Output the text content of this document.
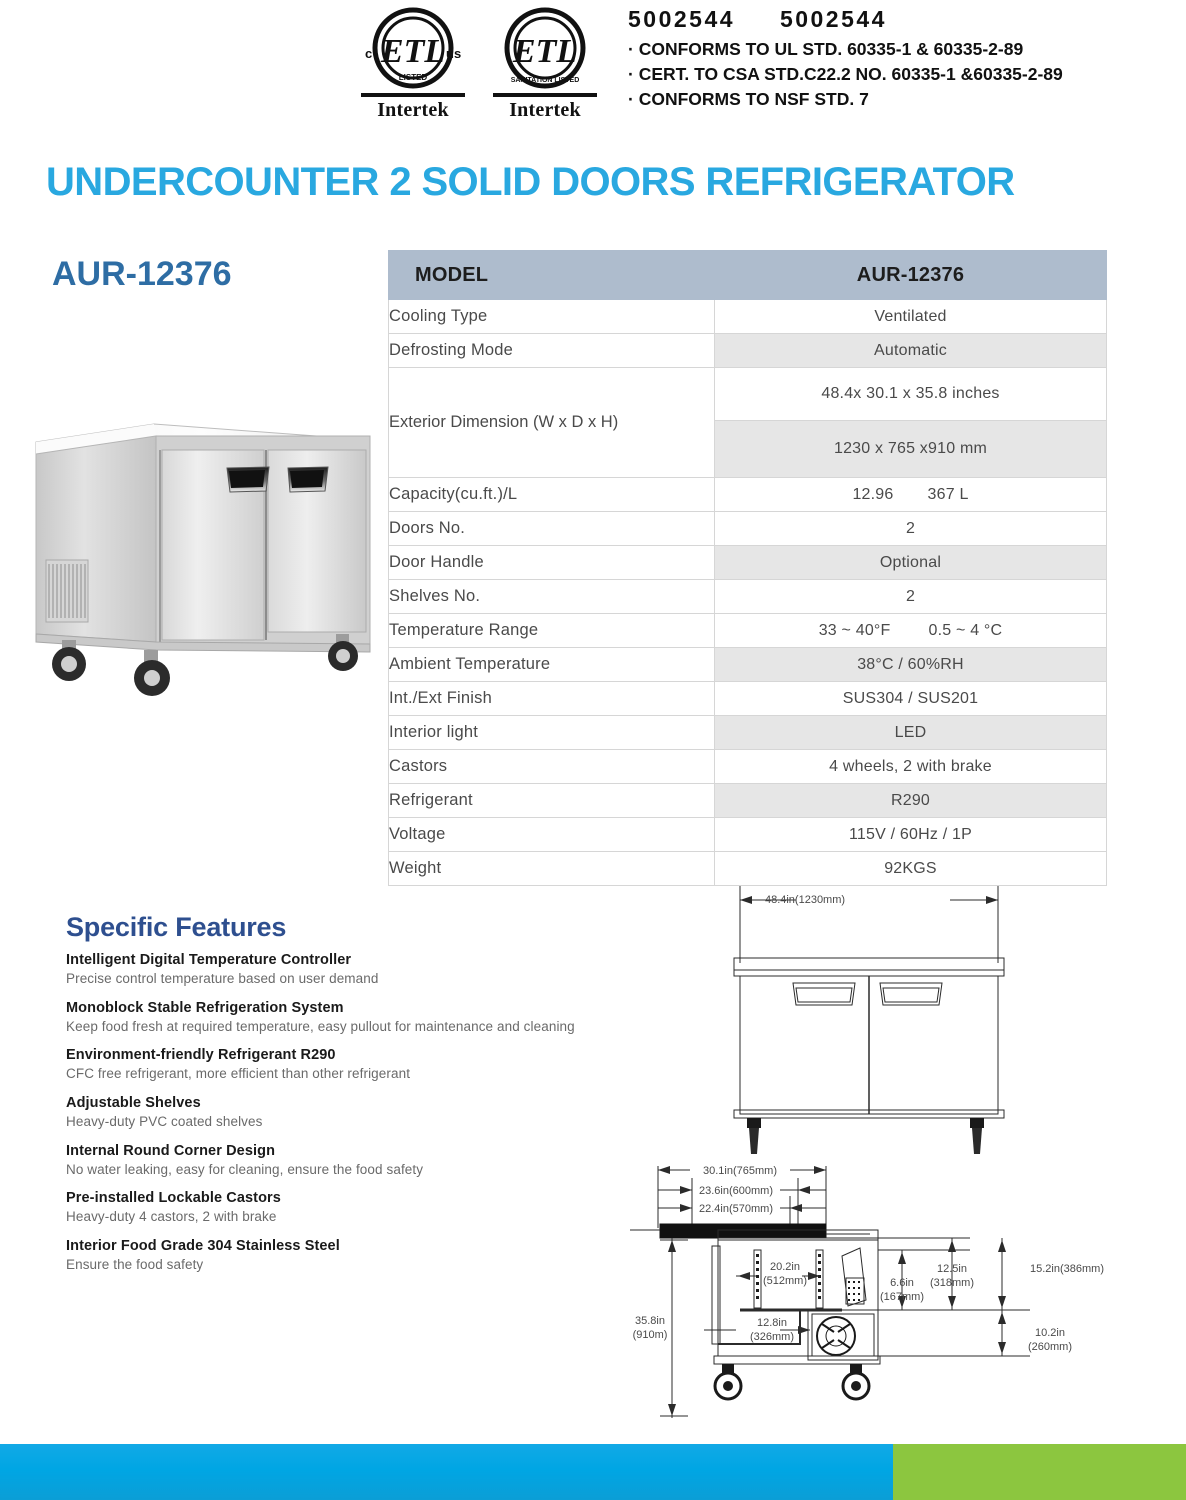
ETL
LISTED
c	us
Intertek
ETL
SANITATION LISTED
Intertek
5002544 5002544
· CONFORMS TO UL STD. 60335-1 & 60335-2-89
· CERT. TO CSA STD.C22.2 NO. 60335-1 &60335-2-89
· CONFORMS TO NSF STD. 7
UNDERCOUNTER 2 SOLID DOORS REFRIGERATOR
AUR-12376	MODEL	AUR-12376
Cooling Type	Ventilated
Defrosting Mode	Automatic
Exterior Dimension (W x D x H)	48.4x 30.1 x 35.8 inches
	1230 x 765 x910 mm
Capacity(cu.ft.)/L	12.96 367 L
Doors No.	2
Door Handle	Optional
Shelves No.	2
Temperature Range	33 ~ 40°F 0.5 ~ 4 °C
Ambient Temperature	38°C / 60%RH
Int./Ext Finish	SUS304 / SUS201
Interior light	LED
Castors	4 wheels, 2 with brake
Refrigerant	R290
Voltage	115V / 60Hz / 1P
Weight	92KGS
Specific Features
Intelligent Digital Temperature Controller
Precise control temperature based on user demand
Monoblock Stable Refrigeration System
Keep food fresh at required temperature, easy pullout for maintenance and cleaning
Environment-friendly Refrigerant R290
CFC free refrigerant, more efficient than other refrigerant
Adjustable Shelves
Heavy-duty PVC coated shelves
Internal Round Corner Design
No water leaking, easy for cleaning, ensure the food safety
Pre-installed Lockable Castors
Heavy-duty 4 castors, 2 with brake
Interior Food Grade 304 Stainless Steel
Ensure the food safety
48.4in(1230mm)
30.1in(765mm)
23.6in(600mm)
22.4in(570mm)
35.8in
(910m)
20.2in
(512mm)
12.8in
(326mm)
6.6in
(167mm)
12.5in
(318mm)
15.2in(386mm)
10.2in
(260mm)
